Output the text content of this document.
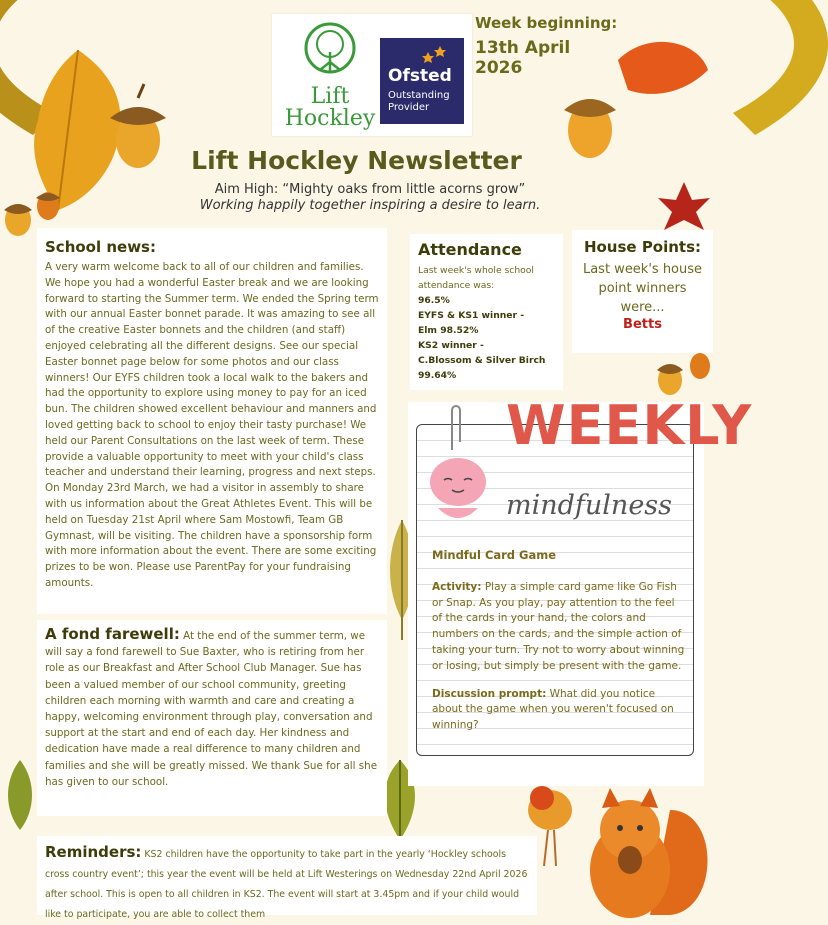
Lift
Hockley
Ofsted
Outstanding
Provider
Week beginning:
13th April 2026
Lift Hockley Newsletter
Aim High: “Mighty oaks from little acorns grow”
Working happily together inspiring a desire to learn.
School news:

A very warm welcome back to all of our children and families. We hope you had a wonderful Easter break and we are looking forward to starting the Summer term. We ended the Spring term with our annual Easter bonnet parade. It was amazing to see all of the creative Easter bonnets and the children (and staff) enjoyed celebrating all the different designs. See our special Easter bonnet page below for some photos and our class winners! Our EYFS children took a local walk to the bakers and had the opportunity to explore using money to pay for an iced bun. The children showed excellent behaviour and manners and loved getting back to school to enjoy their tasty purchase! We held our Parent Consultations on the last week of term. These provide a valuable opportunity to meet with your child's class teacher and understand their learning, progress and next steps. On Monday 23rd March, we had a visitor in assembly to share with us information about the Great Athletes Event. This will be held on Tuesday 21st April where Sam Mostowfi, Team GB Gymnast, will be visiting. The children have a sponsorship form with more information about the event. There are some exciting prizes to be won. Please use ParentPay for your fundraising amounts.

A fond farewell: At the end of the summer term, we will say a fond farewell to Sue Baxter, who is retiring from her role as our Breakfast and After School Club Manager. Sue has been a valued member of our school community, greeting children each morning with warmth and care and creating a happy, welcoming environment through play, conversation and support at the start and end of each day. Her kindness and dedication have made a real difference to many children and families and she will be greatly missed. We thank Sue for all she has given to our school.

Reminders: KS2 children have the opportunity to take part in the yearly ‘Hockley schools cross country event’; this year the event will be held at Lift Westerings on Wednesday 22nd April 2026 after school. This is open to all children in KS2. The event will start at 3.45pm and if your child would like to participate, you are able to collect them

Attendance
Last week's whole school attendance was:
96.5%
EYFS & KS1 winner -
Elm 98.52%
KS2 winner -
C.Blossom & Silver Birch 99.64%
House Points:
Last week's house point winners were...
Betts
WEEKLY
mindfulness
Mindful Card Game
Activity: Play a simple card game like Go Fish or Snap. As you play, pay attention to the feel of the cards in your hand, the colors and numbers on the cards, and the simple action of taking your turn. Try not to worry about winning or losing, but simply be present with the game.
Discussion prompt: What did you notice about the game when you weren't focused on winning?
